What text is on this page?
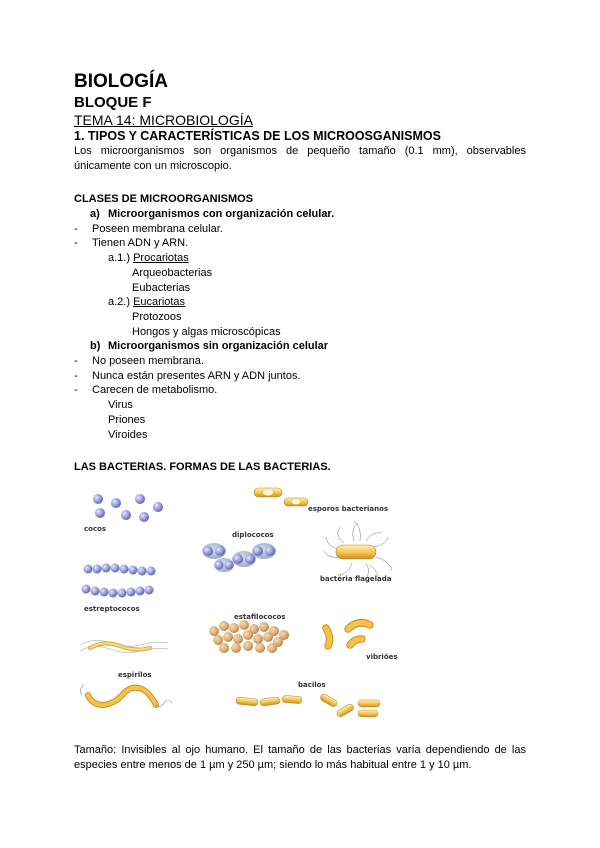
BIOLOGÍA
BLOQUE F
TEMA 14: MICROBIOLOGÍA
1. TIPOS Y CARACTERÍSTICAS DE LOS MICROOSGANISMOS

Los microorganismos son organismos de pequeño tamaño (0.1 mm), observables únicamente con un microscopio.

CLASES DE MICROORGANISMOS
a) Microorganismos con organización celular.
- Poseen membrana celular.
- Tienen ADN y ARN.
a.1.) Procariotas
Arqueobacterias
Eubacterias
a.2.) Eucariotas
Protozoos
Hongos y algas microscópicas
b) Microorganismos sin organización celular
- No poseen membrana.
- Nunca están presentes ARN y ADN juntos.
- Carecen de metabolismo.
Virus
Priones
Viroides
LAS BACTERIAS. FORMAS DE LAS BACTERIAS.
cocos
esporos bacterianos
diplococos
bactéria flagelada
estreptococos
estafilococos
vibriões
espirilos
bacilos

Tamaño: Invisibles al ojo humano. El tamaño de las bacterias varía dependiendo de las especies entre menos de 1 µm y 250 µm; siendo lo más habitual entre 1 y 10 µm.
